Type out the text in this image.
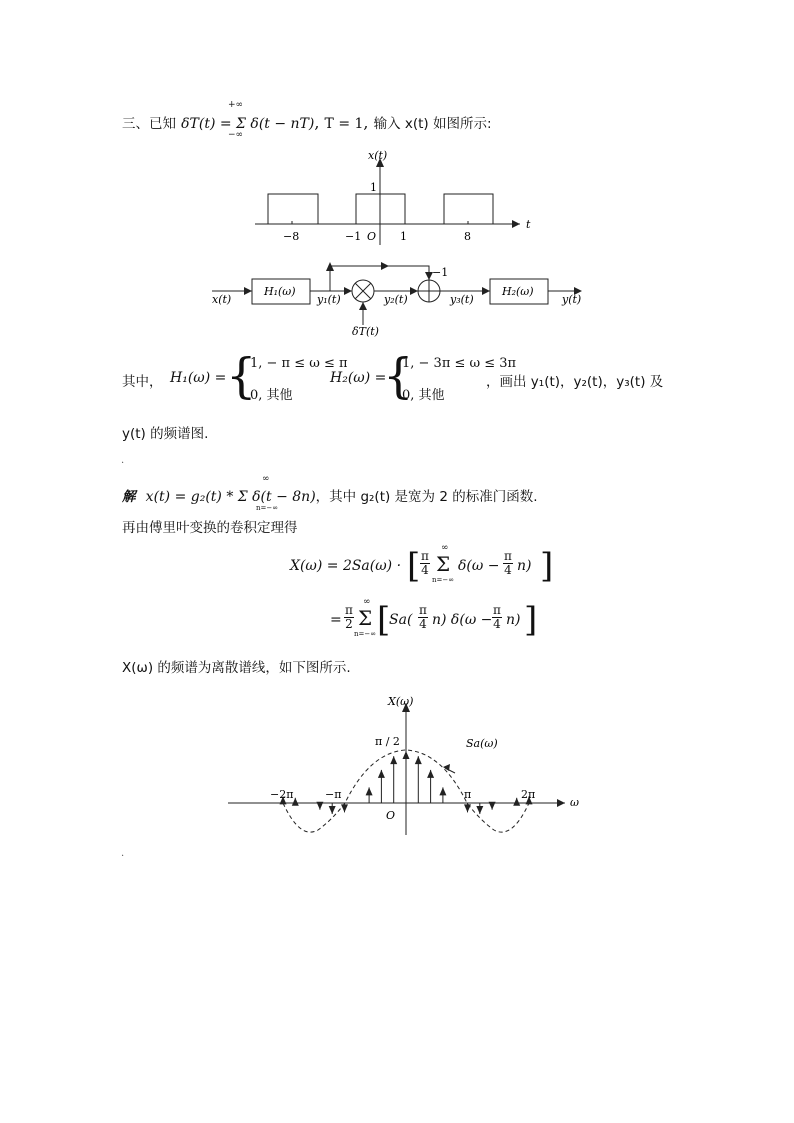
三、已知 δT(t) = Σ δ(t − nT), T = 1, 输入 x(t) 如图所示:
+∞
−∞
x(t)
t
1
−8	−1 O 1	8
x(t)
H₁(ω)
y₁(t)
δT(t)
y₂(t)
−1
y₃(t)
H₂(ω)
y(t)
X(ω)
ω
π / 2	Sa(ω)
−2π	−π
O
π	2π
其中， H₁(ω) = {
1, − π ≤ ω ≤ π
0, 其他
H₂(ω) =
{
1, − 3π ≤ ω ≤ 3π
0, 其他
，画出 y₁(t)，y₂(t)，y₃(t) 及
y(t) 的频谱图.
.
解 x(t) = g₂(t) * Σ δ(t − 8n)，其中 g₂(t) 是宽为 2 的标准门函数.
∞
n=−∞
再由傅里叶变换的卷积定理得
X(ω) = 2Sa(ω) · [ $\frac{\pi}{4}$
∞
Σ
n=−∞
$\delta(\omega - \frac{\pi}{4} n)$ ]
= $\frac{\pi}{2}$
∞
Σ
n=−∞ [
$Sa( \frac{\pi}{4} n)$ $\delta(\omega - \frac{\pi}{4} n)$ ]
X(ω) 的频谱为离散谱线，如下图所示.
.
